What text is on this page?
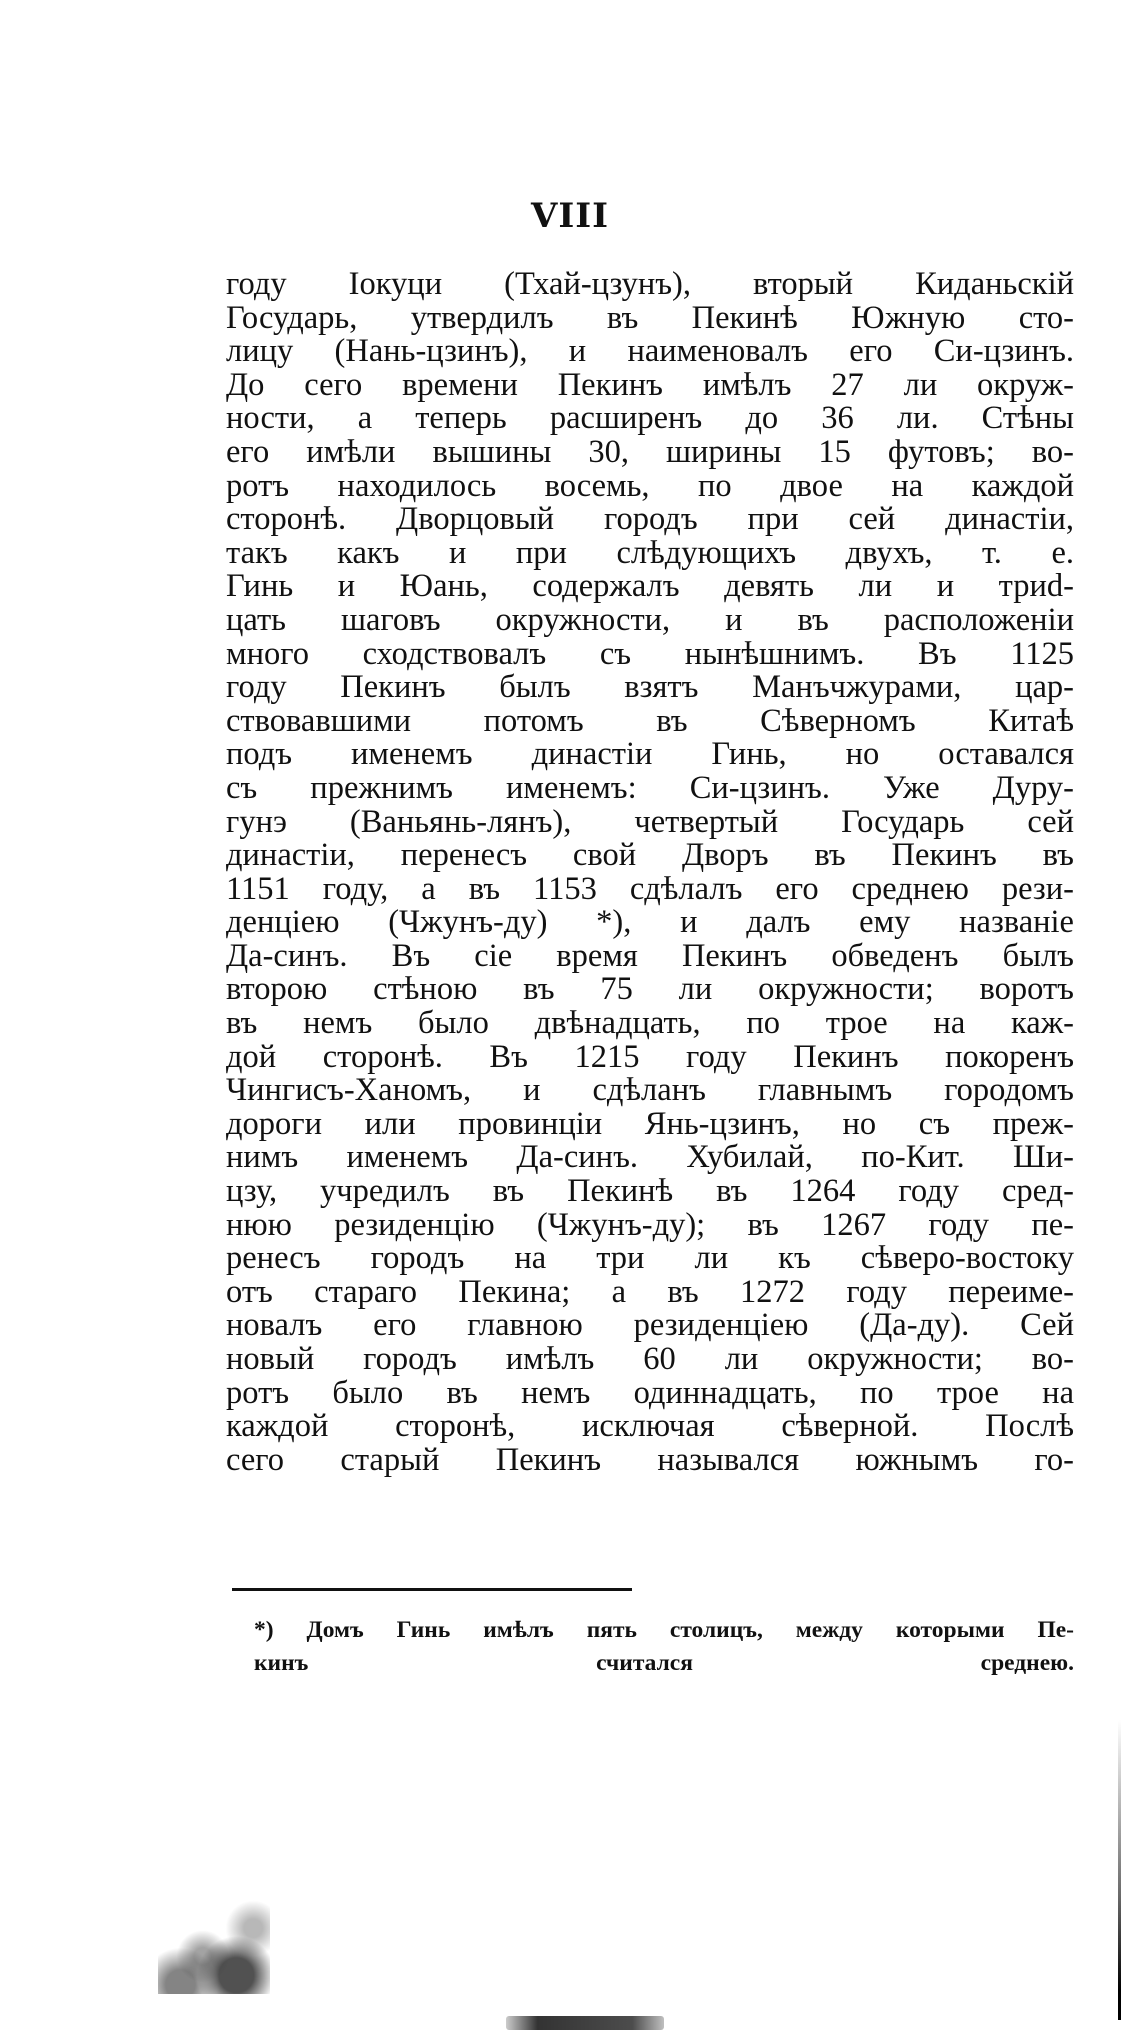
VIII
году Іокуци (Тхай-цзунъ), вторый Киданьскій
Государь, утвердилъ въ Пекинѣ Южную сто-
лицу (Нань-цзинъ), и наименовалъ его Си-цзинъ.
До сего времени Пекинъ имѣлъ 27 ли окруж-
ности, а теперь расширенъ до 36 ли. Стѣны
его имѣли вышины 30, ширины 15 футовъ; во-
ротъ находилось восемь, по двое на каждой
сторонѣ. Дворцовый городъ при сей династіи,
такъ какъ и при слѣдующихъ двухъ, т. е.
Гинь и Юань, содержалъ девять ли и триd-
цать шаговъ окружности, и въ расположеніи
много сходствовалъ съ нынѣшнимъ. Въ 1125
году Пекинъ былъ взятъ Манъчжурами, цар-
ствовавшими потомъ въ Сѣверномъ Китаѣ
подъ именемъ династіи Гинь, но оставался
съ прежнимъ именемъ: Си-цзинъ. Уже Дуру-
гунэ (Ваньянь-лянъ), четвертый Государь сей
династіи, перенесъ свой Дворъ въ Пекинъ въ
1151 году, а въ 1153 сдѣлалъ его среднею рези-
денціею (Чжунъ-ду) *), и далъ ему названіе
Да-синъ. Въ сіе время Пекинъ обведенъ былъ
второю стѣною въ 75 ли окружности; воротъ
въ немъ было двѣнадцать, по трое на каж-
дой сторонѣ. Въ 1215 году Пекинъ покоренъ
Чингисъ-Ханомъ, и сдѣланъ главнымъ городомъ
дороги или провинціи Янь-цзинъ, но съ преж-
нимъ именемъ Да-синъ. Хубилай, по-Кит. Ши-
цзу, учредилъ въ Пекинѣ въ 1264 году сред-
нюю резиденцію (Чжунъ-ду); въ 1267 году пе-
ренесъ городъ на три ли къ сѣверо-востоку
отъ стараго Пекина; а въ 1272 году переиме-
новалъ его главною резиденціею (Да-ду). Сей
новый городъ имѣлъ 60 ли окружности; во-
ротъ было въ немъ одиннадцать, по трое на
каждой сторонѣ, исключая сѣверной. Послѣ
сего старый Пекинъ назывался южнымъ го-
*) Домъ Гинь имѣлъ пять столицъ, между которыми Пе-
кинъ считался среднею.
